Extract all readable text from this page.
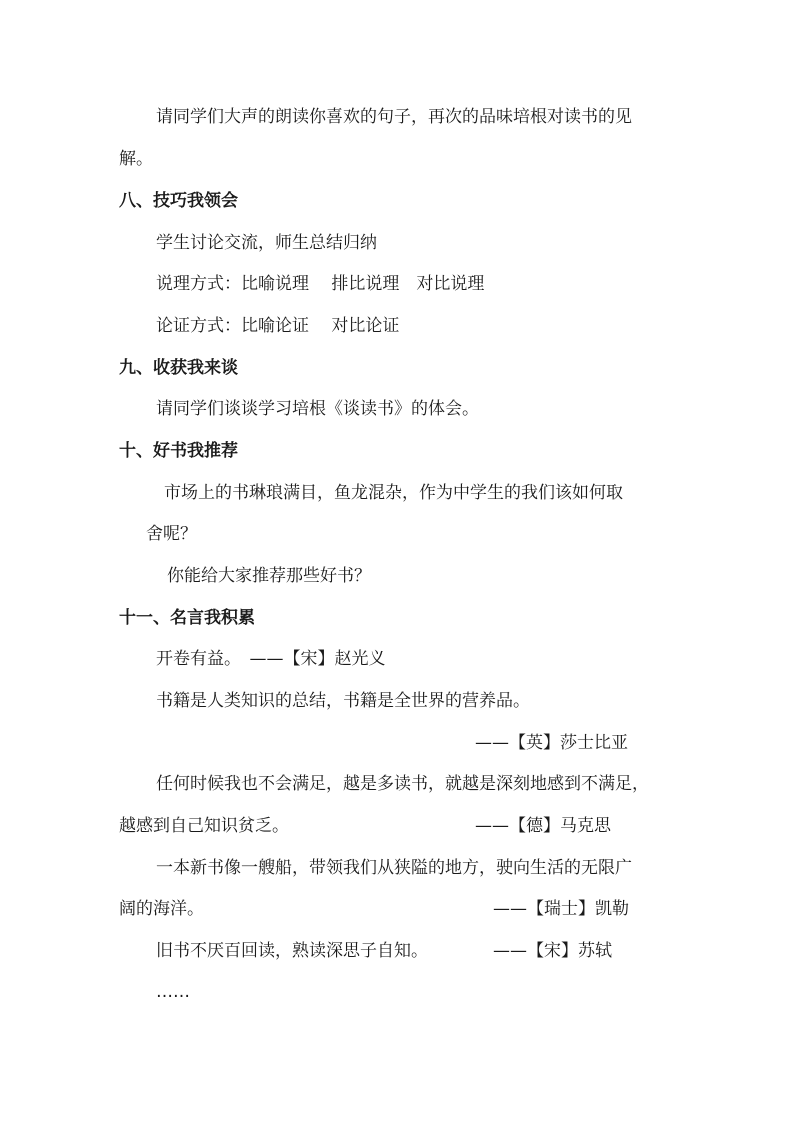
请同学们大声的朗读你喜欢的句子，再次的品味培根对读书的见
解。
八、技巧我领会
学生讨论交流，师生总结归纳
说理方式：比喻说理　 排比说理　对比说理
论证方式：比喻论证　 对比论证
九、收获我来谈
请同学们谈谈学习培根《谈读书》的体会。
十、好书我推荐
市场上的书琳琅满目，鱼龙混杂，作为中学生的我们该如何取
舍呢？
你能给大家推荐那些好书？
十一、名言我积累
开卷有益。　——【宋】赵光义
书籍是人类知识的总结，书籍是全世界的营养品。
——【英】莎士比亚
任何时候我也不会满足，越是多读书，就越是深刻地感到不满足，
越感到自己知识贫乏。	——【德】马克思
一本新书像一艘船，带领我们从狭隘的地方，驶向生活的无限广
阔的海洋。	——【瑞士】凯勒
旧书不厌百回读，熟读深思子自知。	——【宋】苏轼
……
